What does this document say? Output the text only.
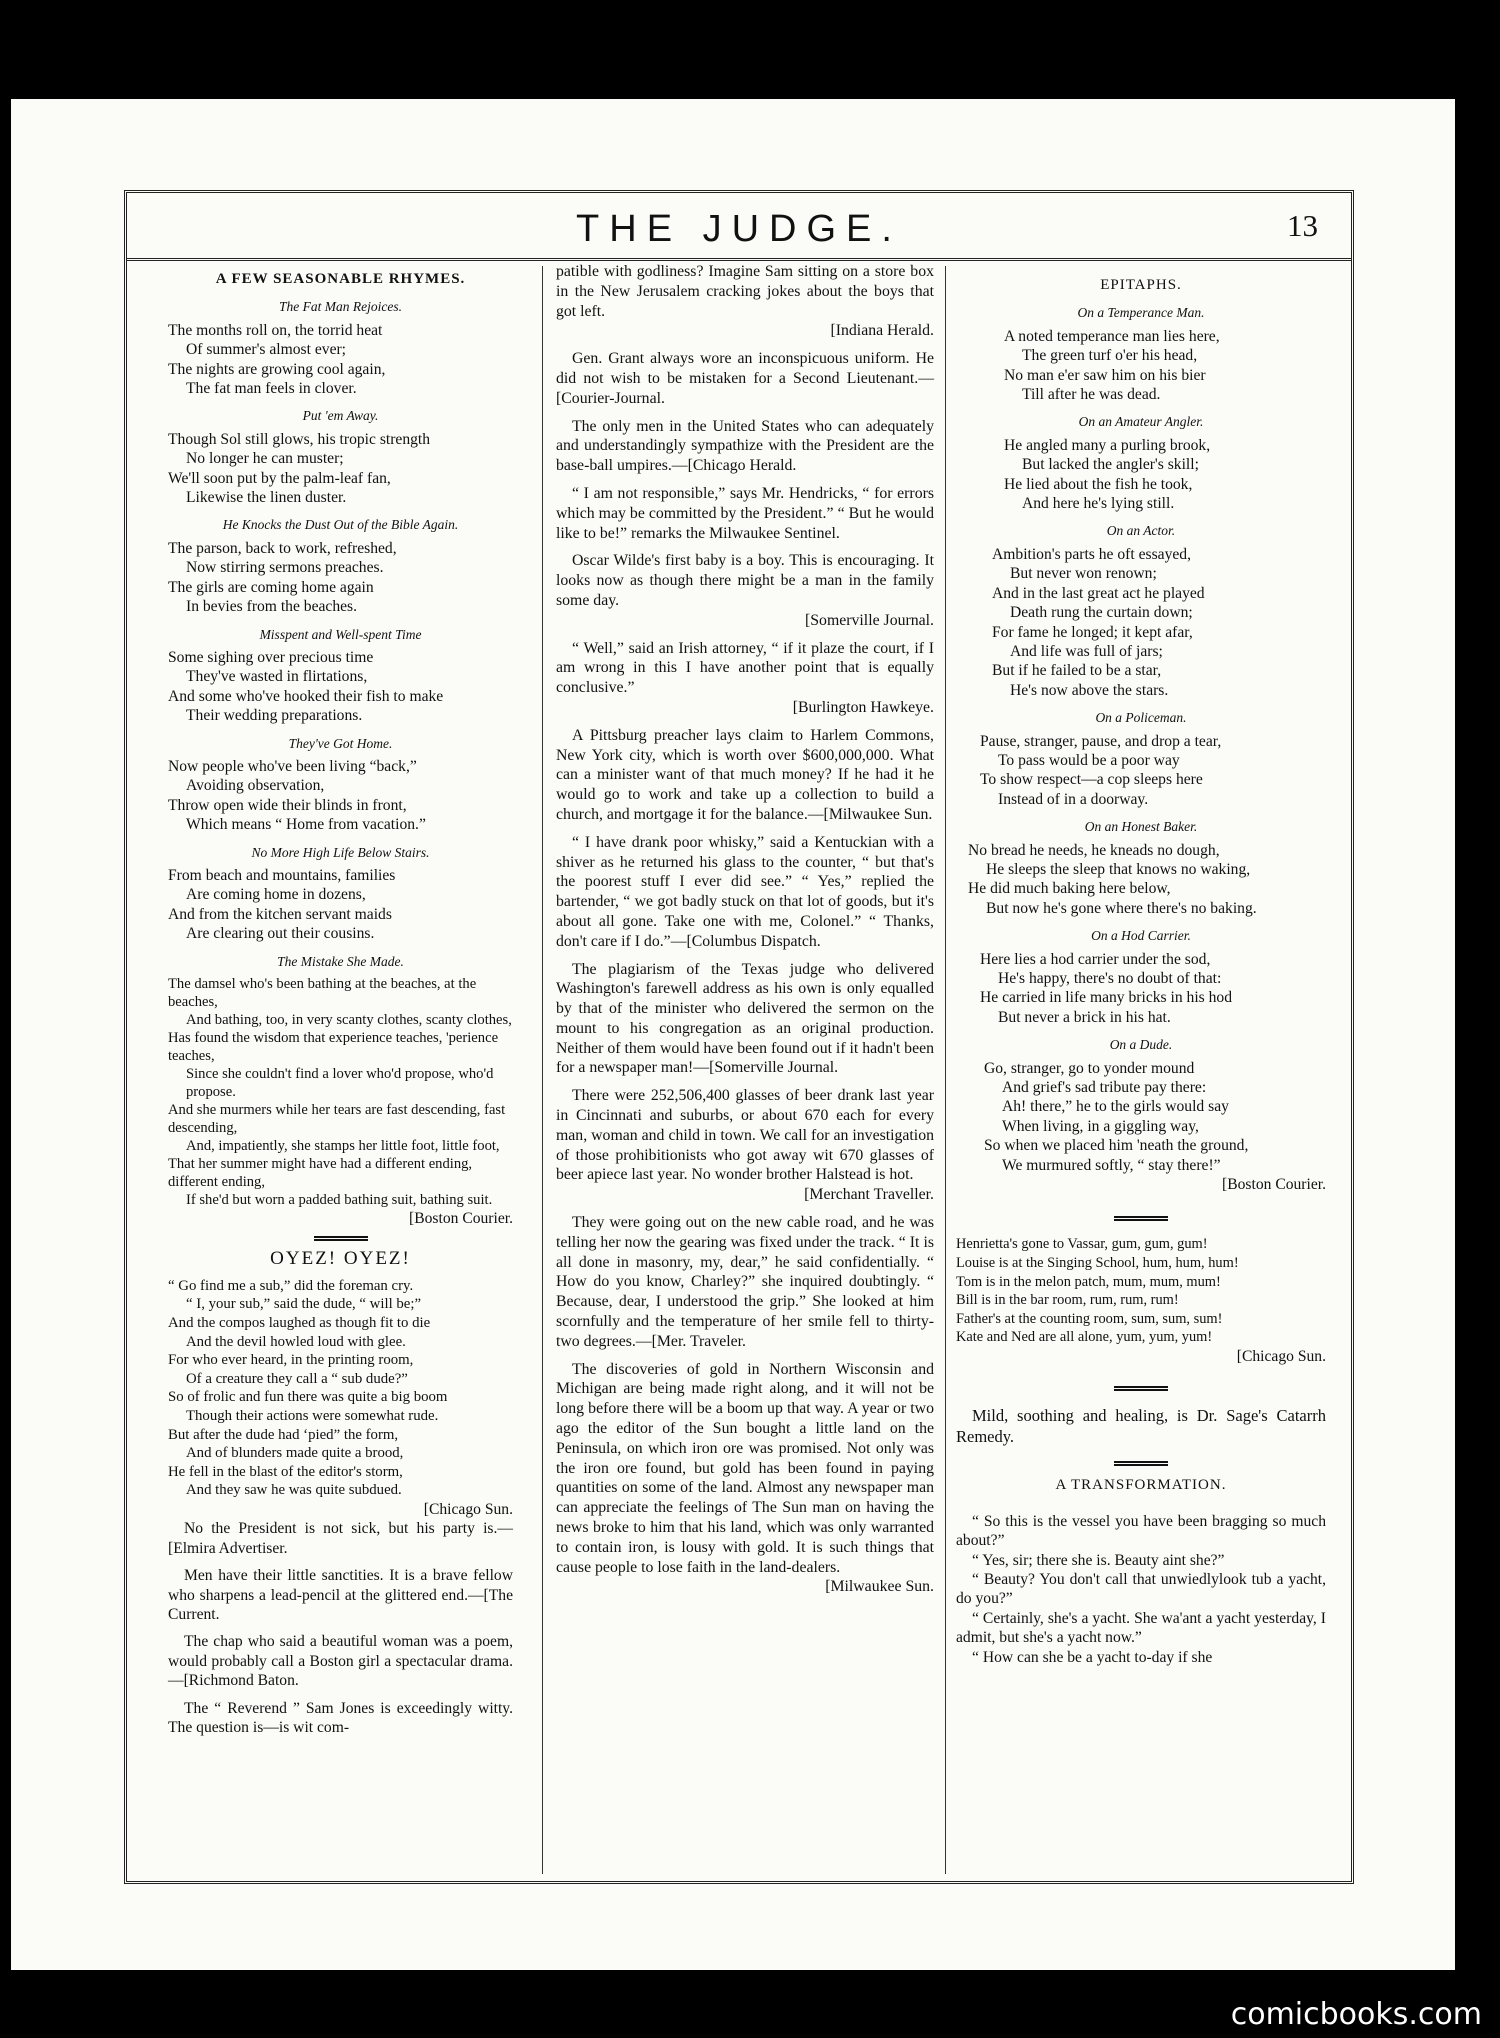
THE JUDGE.	13
A FEW SEASONABLE RHYMES.
The Fat Man Rejoices.
The months roll on, the torrid heat
Of summer's almost ever;
The nights are growing cool again,
The fat man feels in clover.
Put 'em Away.
Though Sol still glows, his tropic strength
No longer he can muster;
We'll soon put by the palm-leaf fan,
Likewise the linen duster.
He Knocks the Dust Out of the Bible Again.
The parson, back to work, refreshed,
Now stirring sermons preaches.
The girls are coming home again
In bevies from the beaches.
Misspent and Well-spent Time
Some sighing over precious time
They've wasted in flirtations,
And some who've hooked their fish to make
Their wedding preparations.
They've Got Home.
Now people who've been living “back,”
Avoiding observation,
Throw open wide their blinds in front,
Which means “ Home from vacation.”
No More High Life Below Stairs.
From beach and mountains, families
Are coming home in dozens,
And from the kitchen servant maids
Are clearing out their cousins.
The Mistake She Made.
The damsel who's been bathing at the beaches, at the beaches,
And bathing, too, in very scanty clothes, scanty clothes,
Has found the wisdom that experience teaches, 'perience teaches,
Since she couldn't find a lover who'd propose, who'd propose.
And she murmers while her tears are fast descending, fast descending,
And, impatiently, she stamps her little foot, little foot,
That her summer might have had a different ending, different ending,
If she'd but worn a padded bathing suit, bathing suit.
[Boston Courier.
OYEZ! OYEZ!
“ Go find me a sub,” did the foreman cry.
“ I, your sub,” said the dude, “ will be;”
And the compos laughed as though fit to die
And the devil howled loud with glee.
For who ever heard, in the printing room,
Of a creature they call a “ sub dude?”
So of frolic and fun there was quite a big boom
Though their actions were somewhat rude.
But after the dude had ‘pied” the form,
And of blunders made quite a brood,
He fell in the blast of the editor's storm,
And they saw he was quite subdued.
[Chicago Sun.

No the President is not sick, but his party is.—[Elmira Advertiser.

Men have their little sanctities. It is a brave fellow who sharpens a lead-pencil at the glittered end.—[The Current.

The chap who said a beautiful woman was a poem, would probably call a Boston girl a spectacular drama.—[Richmond Baton.

The “ Reverend ” Sam Jones is exceedingly witty. The question is—is wit com-

patible with godliness? Imagine Sam sitting on a store box in the New Jerusalem cracking jokes about the boys that got left.

[Indiana Herald.

Gen. Grant always wore an inconspicuous uniform. He did not wish to be mistaken for a Second Lieutenant.—[Courier-Journal.

The only men in the United States who can adequately and understandingly sympathize with the President are the base-ball umpires.—[Chicago Herald.

“ I am not responsible,” says Mr. Hendricks, “ for errors which may be committed by the President.” “ But he would like to be!” remarks the Milwaukee Sentinel.

Oscar Wilde's first baby is a boy. This is encouraging. It looks now as though there might be a man in the family some day.

[Somerville Journal.

“ Well,” said an Irish attorney, “ if it plaze the court, if I am wrong in this I have another point that is equally conclusive.”

[Burlington Hawkeye.

A Pittsburg preacher lays claim to Harlem Commons, New York city, which is worth over $600,000,000. What can a minister want of that much money? If he had it he would go to work and take up a collection to build a church, and mortgage it for the balance.—[Milwaukee Sun.

“ I have drank poor whisky,” said a Kentuckian with a shiver as he returned his glass to the counter, “ but that's the poorest stuff I ever did see.” “ Yes,” replied the bartender, “ we got badly stuck on that lot of goods, but it's about all gone. Take one with me, Colonel.” “ Thanks, don't care if I do.”—[Columbus Dispatch.

The plagiarism of the Texas judge who delivered Washington's farewell address as his own is only equalled by that of the minister who delivered the sermon on the mount to his congregation as an original production. Neither of them would have been found out if it hadn't been for a newspaper man!—[Somerville Journal.

There were 252,506,400 glasses of beer drank last year in Cincinnati and suburbs, or about 670 each for every man, woman and child in town. We call for an investigation of those prohibitionists who got away wit 670 glasses of beer apiece last year. No wonder brother Halstead is hot.

[Merchant Traveller.

They were going out on the new cable road, and he was telling her now the gearing was fixed under the track. “ It is all done in masonry, my, dear,” he said confidentially. “ How do you know, Charley?” she inquired doubtingly. “ Because, dear, I understood the grip.” She looked at him scornfully and the temperature of her smile fell to thirty-two degrees.—[Mer. Traveler.

The discoveries of gold in Northern Wisconsin and Michigan are being made right along, and it will not be long before there will be a boom up that way. A year or two ago the editor of the Sun bought a little land on the Peninsula, on which iron ore was promised. Not only was the iron ore found, but gold has been found in paying quantities on some of the land. Almost any newspaper man can appreciate the feelings of The Sun man on having the news broke to him that his land, which was only warranted to contain iron, is lousy with gold. It is such things that cause people to lose faith in the land-dealers.

[Milwaukee Sun.
EPITAPHS.
On a Temperance Man.
A noted temperance man lies here,
The green turf o'er his head,
No man e'er saw him on his bier
Till after he was dead.
On an Amateur Angler.
He angled many a purling brook,
But lacked the angler's skill;
He lied about the fish he took,
And here he's lying still.
On an Actor.
Ambition's parts he oft essayed,
But never won renown;
And in the last great act he played
Death rung the curtain down;
For fame he longed; it kept afar,
And life was full of jars;
But if he failed to be a star,
He's now above the stars.
On a Policeman.
Pause, stranger, pause, and drop a tear,
To pass would be a poor way
To show respect—a cop sleeps here
Instead of in a doorway.
On an Honest Baker.
No bread he needs, he kneads no dough,
He sleeps the sleep that knows no waking,
He did much baking here below,
But now he's gone where there's no baking.
On a Hod Carrier.
Here lies a hod carrier under the sod,
He's happy, there's no doubt of that:
He carried in life many bricks in his hod
But never a brick in his hat.
On a Dude.
Go, stranger, go to yonder mound
And grief's sad tribute pay there:
Ah! there,” he to the girls would say
When living, in a giggling way,
So when we placed him 'neath the ground,
We murmured softly, “ stay there!”
[Boston Courier.
Henrietta's gone to Vassar, gum, gum, gum!
Louise is at the Singing School, hum, hum, hum!
Tom is in the melon patch, mum, mum, mum!
Bill is in the bar room, rum, rum, rum!
Father's at the counting room, sum, sum, sum!
Kate and Ned are all alone, yum, yum, yum!
[Chicago Sun.

Mild, soothing and healing, is Dr. Sage's Catarrh Remedy.

A TRANSFORMATION.

“ So this is the vessel you have been bragging so much about?”

“ Yes, sir; there she is. Beauty aint she?”

“ Beauty? You don't call that unwiedlylook tub a yacht, do you?”

“ Certainly, she's a yacht. She wa'ant a yacht yesterday, I admit, but she's a yacht now.”

“ How can she be a yacht to-day if she

comicbooks.com
